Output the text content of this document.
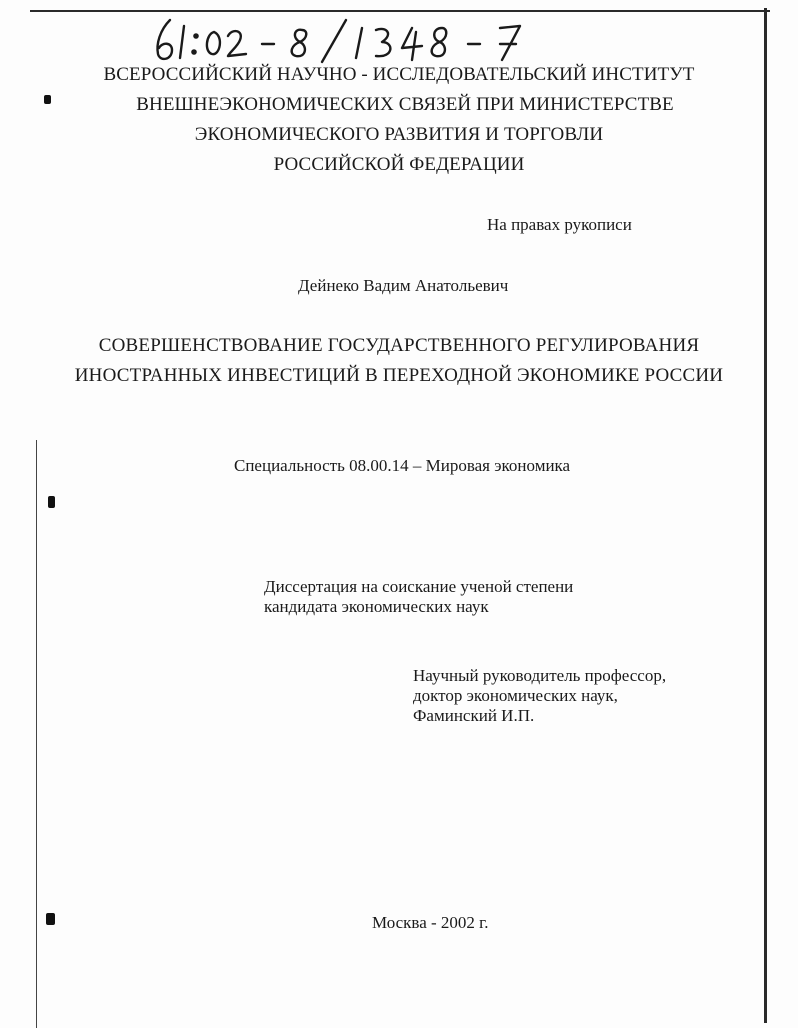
ВСЕРОССИЙСКИЙ НАУЧНО - ИССЛЕДОВАТЕЛЬСКИЙ ИНСТИТУТ
ВНЕШНЕЭКОНОМИЧЕСКИХ СВЯЗЕЙ ПРИ МИНИСТЕРСТВЕ
ЭКОНОМИЧЕСКОГО РАЗВИТИЯ И ТОРГОВЛИ
РОССИЙСКОЙ ФЕДЕРАЦИИ
На правах рукописи
Дейнеко Вадим Анатольевич
СОВЕРШЕНСТВОВАНИЕ ГОСУДАРСТВЕННОГО РЕГУЛИРОВАНИЯ
ИНОСТРАННЫХ ИНВЕСТИЦИЙ В ПЕРЕХОДНОЙ ЭКОНОМИКЕ РОССИИ
Специальность 08.00.14 – Мировая экономика
Диссертация на соискание ученой степени
кандидата экономических наук
Научный руководитель профессор,
доктор экономических наук,
Фаминский И.П.
Москва - 2002 г.
